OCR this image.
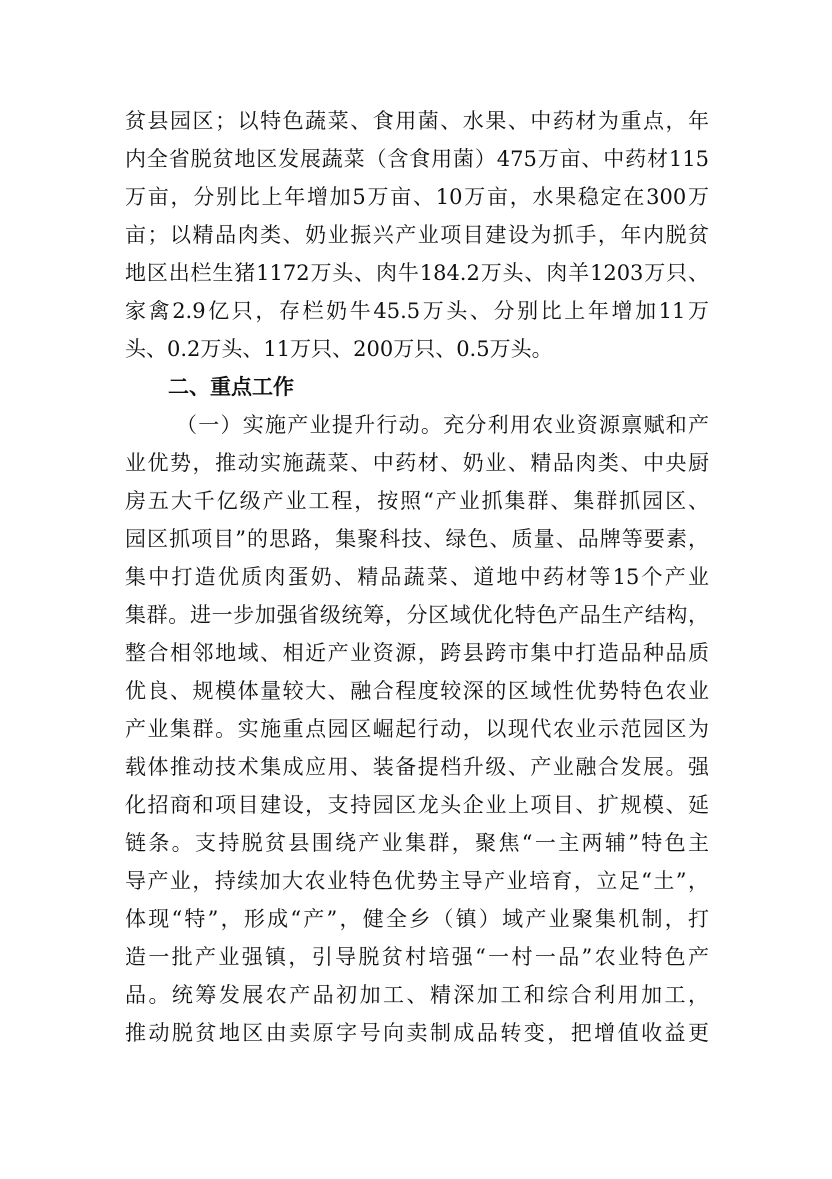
贫县园区；以特色蔬菜、食用菌、水果、中药材为重点，年
内全省脱贫地区发展蔬菜（含食用菌）475万亩、中药材115
万亩，分别比上年增加5万亩、10万亩，水果稳定在300万
亩；以精品肉类、奶业振兴产业项目建设为抓手，年内脱贫
地区出栏生猪1172万头、肉牛184.2万头、肉羊1203万只、
家禽2.9亿只，存栏奶牛45.5万头、分别比上年增加11万
头、0.2万头、11万只、200万只、0.5万头。
二、重点工作
（一）实施产业提升行动。充分利用农业资源禀赋和产
业优势，推动实施蔬菜、中药材、奶业、精品肉类、中央厨
房五大千亿级产业工程，按照“产业抓集群、集群抓园区、
园区抓项目”的思路，集聚科技、绿色、质量、品牌等要素，
集中打造优质肉蛋奶、精品蔬菜、道地中药材等15个产业
集群。进一步加强省级统筹，分区域优化特色产品生产结构，
整合相邻地域、相近产业资源，跨县跨市集中打造品种品质
优良、规模体量较大、融合程度较深的区域性优势特色农业
产业集群。实施重点园区崛起行动，以现代农业示范园区为
载体推动技术集成应用、装备提档升级、产业融合发展。强
化招商和项目建设，支持园区龙头企业上项目、扩规模、延
链条。支持脱贫县围绕产业集群，聚焦“一主两辅”特色主
导产业，持续加大农业特色优势主导产业培育，立足“土”，
体现“特”，形成“产”，健全乡（镇）域产业聚集机制，打
造一批产业强镇，引导脱贫村培强“一村一品”农业特色产
品。统筹发展农产品初加工、精深加工和综合利用加工，
推动脱贫地区由卖原字号向卖制成品转变，把增值收益更
